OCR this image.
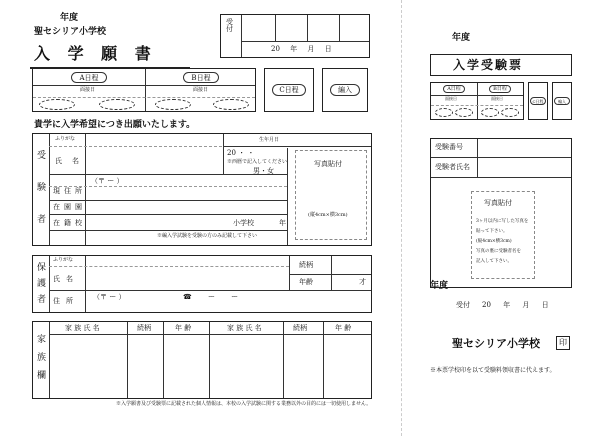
年度
聖セシリア小学校
入 学 願 書
受付
20 年 月 日
A日程	B日程
面接日	面接日	C日程	編入
貴学に入学希望につき出願いたします。
受
験
者
ふりがな
氏名
生年月日
20 ・ ・
※西暦で記入してください
男・女
現住所
（〒 ー ）
在園園
在籍校	小学校	年
※編入学試験を受験の方のみ記載して下さい
写真貼付
(縦4cm×横3cm)
保
護
者
ふりがな
氏名
続柄
年齢	才
住所 （〒 ー ）	☎ ー ー
家
族
欄
家 族 氏 名	続柄	年 齢	家 族 氏 名	続柄	年 齢
※入学願書及び受験票に記載された個人情報は、本校の入学試験に関する業務以外の目的には一切使用しません。
年度
入学受験票
A日程	B日程
面接日	面接日
C日程	編入
受験番号
受験者氏名
写真貼付
3ヶ月以内に写した写真を
貼って下さい。
(縦4cm×横3cm)
写真の裏に受験者名を
記入して下さい。
年度
受付 20 年 月 日
聖セシリア小学校 印
※本票学校印を以て受験料領収書に代えます。
